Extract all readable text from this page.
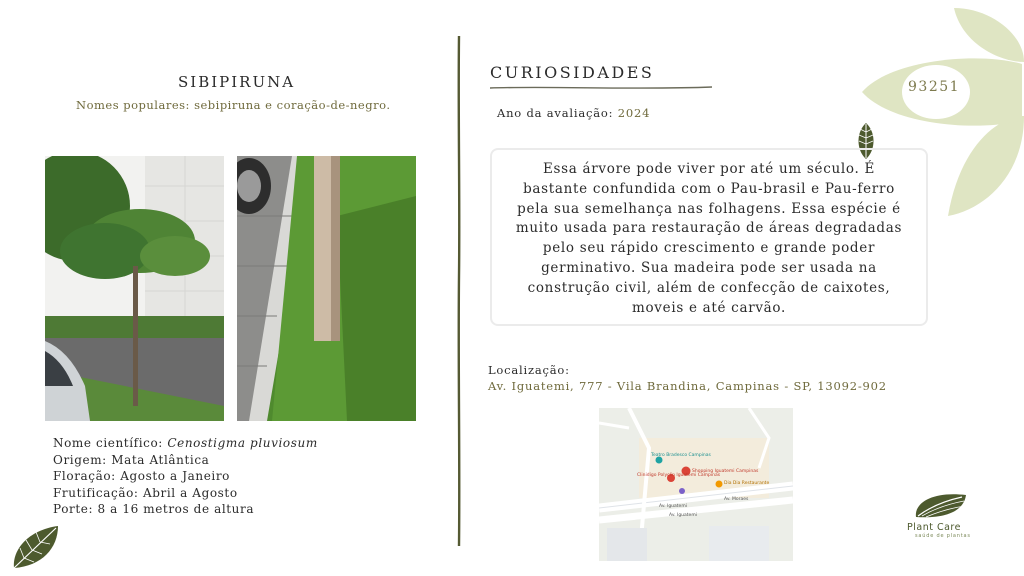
SIBIPIRUNA
Nomes populares: sebipiruna e coração-de-negro.
Nome científico: Cenostigma pluviosum
Origem: Mata Atlântica
Floração: Agosto a Janeiro
Frutificação: Abril a Agosto
Porte: 8 a 16 metros de altura
CURIOSIDADES
Ano da avaliação: 2024
Essa árvore pode viver por até um século. É bastante confundida com o Pau-brasil e Pau-ferro pela sua semelhança nas folhagens. Essa espécie é muito usada para restauração de áreas degradadas pelo seu rápido crescimento e grande poder germinativo. Sua madeira pode ser usada na construção civil, além de confecção de caixotes, moveis e até carvão.
Localização:
Av. Iguatemi, 777 - Vila Brandina, Campinas - SP, 13092-902
Teatro Bradesco Campinas
Clinidigo Polyclin Iguatemi Campinas
Shopping Iguatemi Campinas
Dia Dia Restaurante
Av. Iguatemi
Av. Moraes
Av. Iguatemi
93251
Plant Care
saúde de plantas
